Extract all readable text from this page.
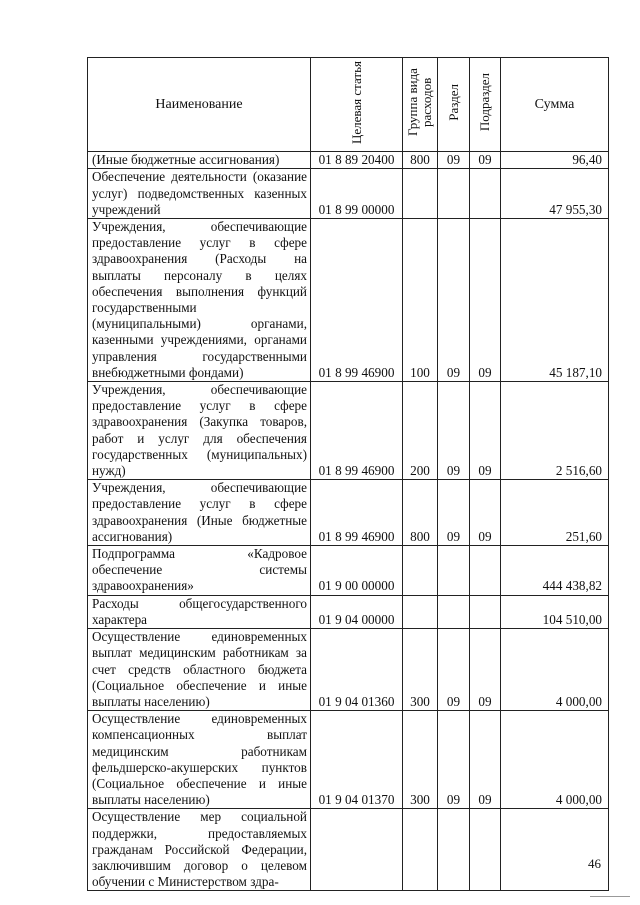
Наименование	Целевая статья	Группа вида расходов	Раздел	Подраздел	Сумма
(Иные бюджетные ассигнования)	01 8 89 20400	800	09	09	96,40
Обеспечение деятельности (оказание услуг) подведомственных казенных учреждений	01 8 99 00000				47 955,30
Учреждения, обеспечивающие предоставление услуг в сфере здравоохранения (Расходы на выплаты персоналу в целях обеспечения выполнения функций государственными (муниципальными) органами, казенными учреждениями, органами управления государственными внебюджетными фондами)	01 8 99 46900	100	09	09	45 187,10
Учреждения, обеспечивающие предоставление услуг в сфере здравоохранения (Закупка товаров, работ и услуг для обеспечения государственных (муниципальных) нужд)	01 8 99 46900	200	09	09	2 516,60
Учреждения, обеспечивающие предоставление услуг в сфере здравоохранения (Иные бюджетные ассигнования)	01 8 99 46900	800	09	09	251,60
Подпрограмма «Кадровое обеспечение системы здравоохранения»	01 9 00 00000				444 438,82
Расходы общегосударственного характера	01 9 04 00000				104 510,00
Осуществление единовременных выплат медицинским работникам за счет средств областного бюджета (Социальное обеспечение и иные выплаты населению)	01 9 04 01360	300	09	09	4 000,00
Осуществление единовременных компенсационных выплат медицинским работникам фельдшерско-акушерских пунктов (Социальное обеспечение и иные выплаты населению)	01 9 04 01370	300	09	09	4 000,00
Осуществление мер социальной поддержки, предоставляемых гражданам Российской Федерации, заключившим договор о целевом обучении с Министерством здра-					
46
